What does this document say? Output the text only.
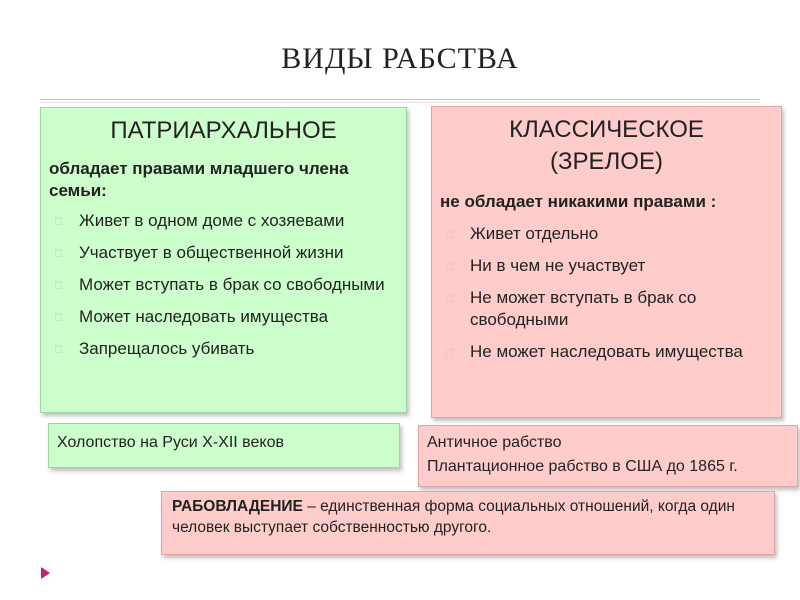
ВИДЫ РАБСТВА
ПАТРИАРХАЛЬНОЕ
обладает правами младшего члена семьи:
□ Живет в одном доме с хозяевами
□ Участвует в общественной жизни
□ Может вступать в брак со свободными
□ Может наследовать имущества
□ Запрещалось убивать
КЛАССИЧЕСКОЕ
(ЗРЕЛОЕ)
не обладает никакими правами :
□ Живет отдельно
□ Ни в чем не участвует
□ Не может вступать в брак со свободными
□ Не может наследовать имущества
Холопство на Руси X-XII веков	Античное рабство
Плантационное рабство в США до 1865 г.
РАБОВЛАДЕНИЕ – единственная форма социальных отношений, когда один человек выступает собственностью другого.
